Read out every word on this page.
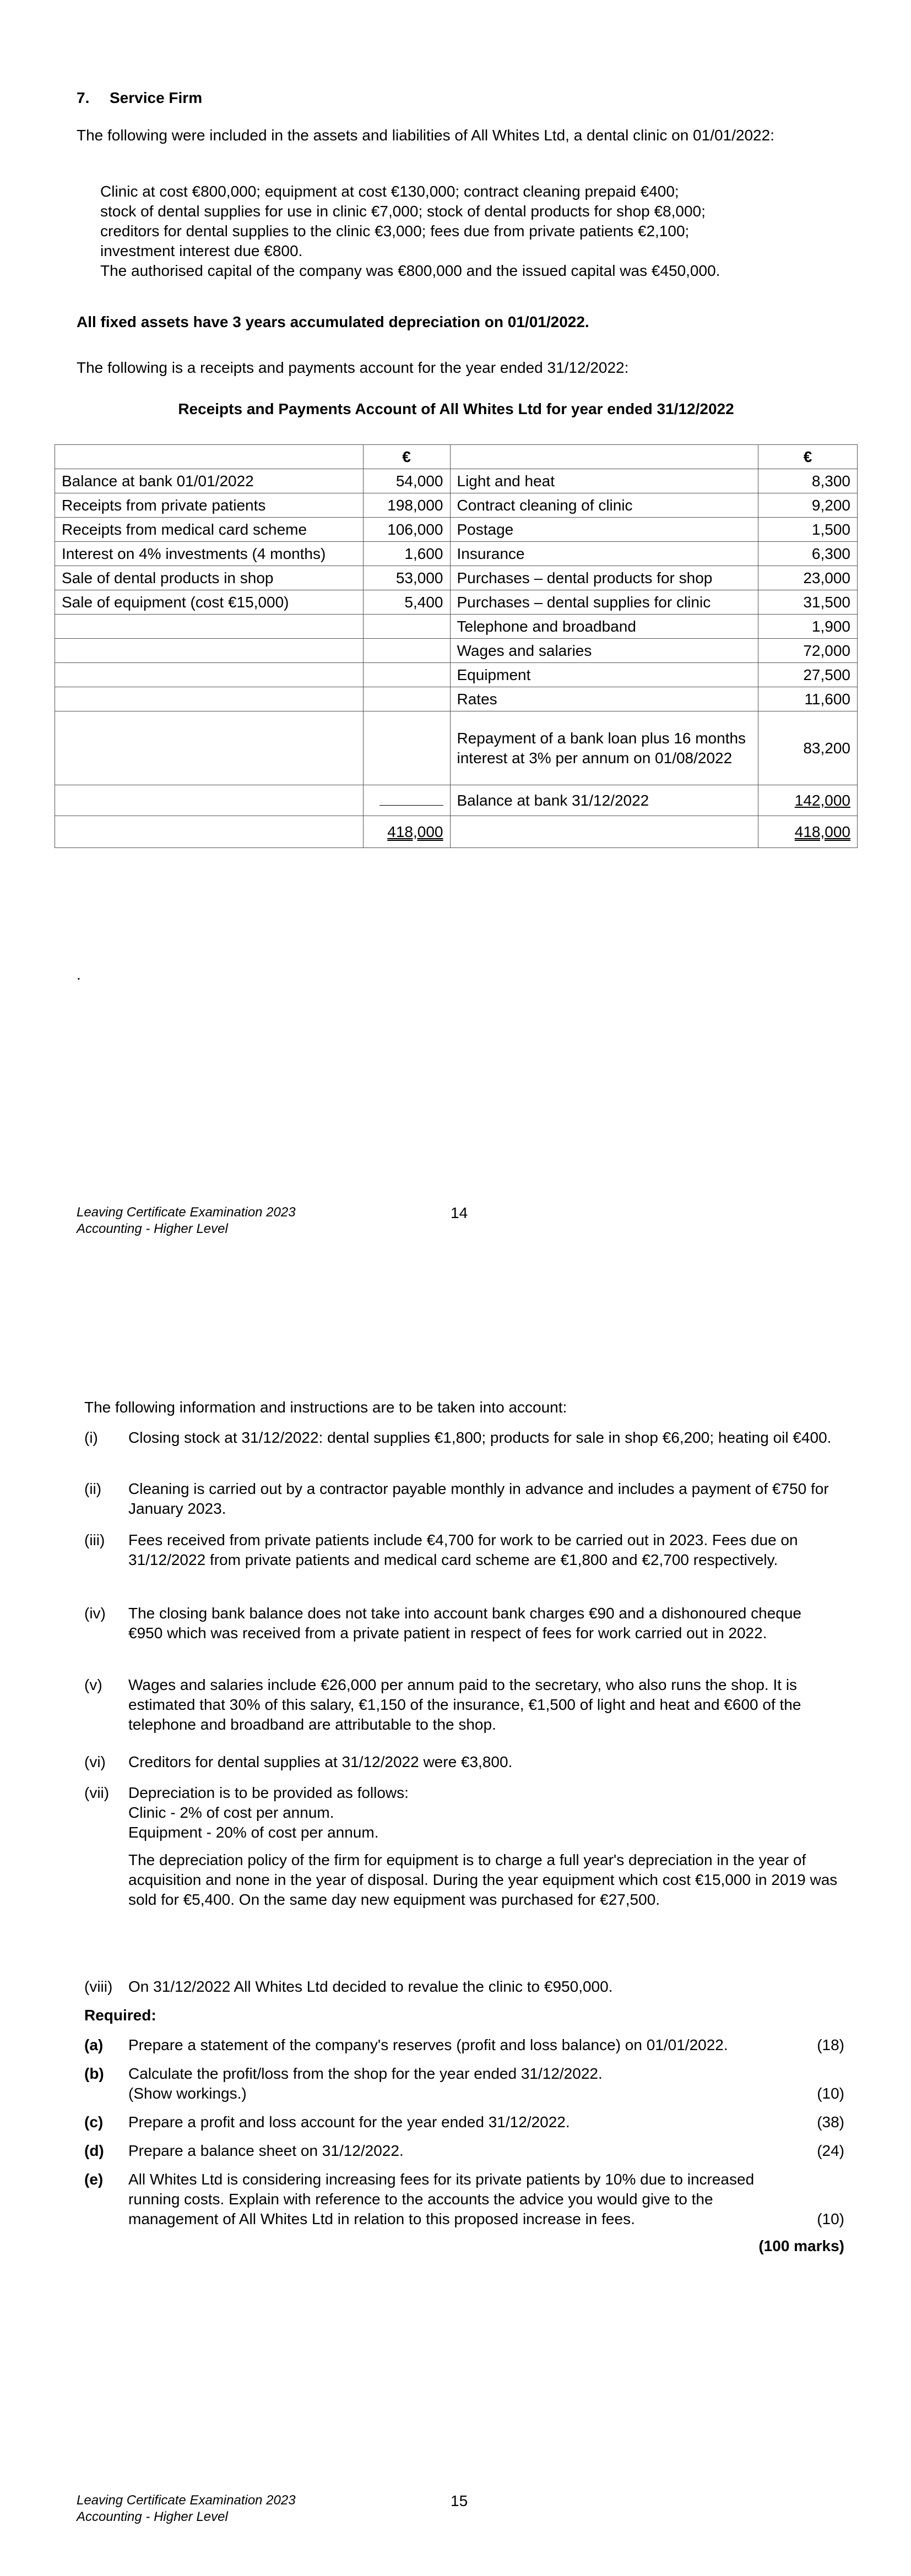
7. Service Firm
The following were included in the assets and liabilities of All Whites Ltd, a dental clinic on 01/01/2022:
Clinic at cost €800,000; equipment at cost €130,000; contract cleaning prepaid €400;
stock of dental supplies for use in clinic €7,000; stock of dental products for shop €8,000;
creditors for dental supplies to the clinic €3,000; fees due from private patients €2,100;
investment interest due €800.
The authorised capital of the company was €800,000 and the issued capital was €450,000.
All fixed assets have 3 years accumulated depreciation on 01/01/2022.
The following is a receipts and payments account for the year ended 31/12/2022:
Receipts and Payments Account of All Whites Ltd for year ended 31/12/2022
	€		€
Balance at bank 01/01/2022	54,000	Light and heat	8,300
Receipts from private patients	198,000	Contract cleaning of clinic	9,200
Receipts from medical card scheme	106,000	Postage	1,500
Interest on 4% investments (4 months)	1,600	Insurance	6,300
Sale of dental products in shop	53,000	Purchases – dental products for shop	23,000
Sale of equipment (cost €15,000)	5,400	Purchases – dental supplies for clinic	31,500
		Telephone and broadband	1,900
		Wages and salaries	72,000
		Equipment	27,500
		Rates	11,600
		Repayment of a bank loan plus 16 months interest at 3% per annum on 01/08/2022	83,200
		Balance at bank 31/12/2022	142,000
	418,000		418,000
.
Leaving Certificate Examination 2023
Accounting - Higher Level
14
The following information and instructions are to be taken into account:
(i)	Closing stock at 31/12/2022: dental supplies €1,800; products for sale in shop €6,200; heating oil €400.
(ii)	Cleaning is carried out by a contractor payable monthly in advance and includes a payment of €750 for January 2023.
(iii)	Fees received from private patients include €4,700 for work to be carried out in 2023. Fees due on 31/12/2022 from private patients and medical card scheme are €1,800 and €2,700 respectively.
(iv)	The closing bank balance does not take into account bank charges €90 and a dishonoured cheque €950 which was received from a private patient in respect of fees for work carried out in 2022.
(v)	Wages and salaries include €26,000 per annum paid to the secretary, who also runs the shop. It is estimated that 30% of this salary, €1,150 of the insurance, €1,500 of light and heat and €600 of the telephone and broadband are attributable to the shop.
(vi)	Creditors for dental supplies at 31/12/2022 were €3,800.
(vii)	Depreciation is to be provided as follows:
Clinic - 2% of cost per annum.
Equipment - 20% of cost per annum.
The depreciation policy of the firm for equipment is to charge a full year's depreciation in the year of acquisition and none in the year of disposal. During the year equipment which cost €15,000 in 2019 was sold for €5,400. On the same day new equipment was purchased for €27,500.
(viii)	On 31/12/2022 All Whites Ltd decided to revalue the clinic to €950,000.
Required:
(a)	Prepare a statement of the company's reserves (profit and loss balance) on 01/01/2022.	(18)
(b)	Calculate the profit/loss from the shop for the year ended 31/12/2022.
(Show workings.)	(10)
(c)	Prepare a profit and loss account for the year ended 31/12/2022.	(38)
(d)	Prepare a balance sheet on 31/12/2022.	(24)
(e)	All Whites Ltd is considering increasing fees for its private patients by 10% due to increased running costs. Explain with reference to the accounts the advice you would give to the management of All Whites Ltd in relation to this proposed increase in fees.	(10)
(100 marks)
Leaving Certificate Examination 2023
Accounting - Higher Level
15
